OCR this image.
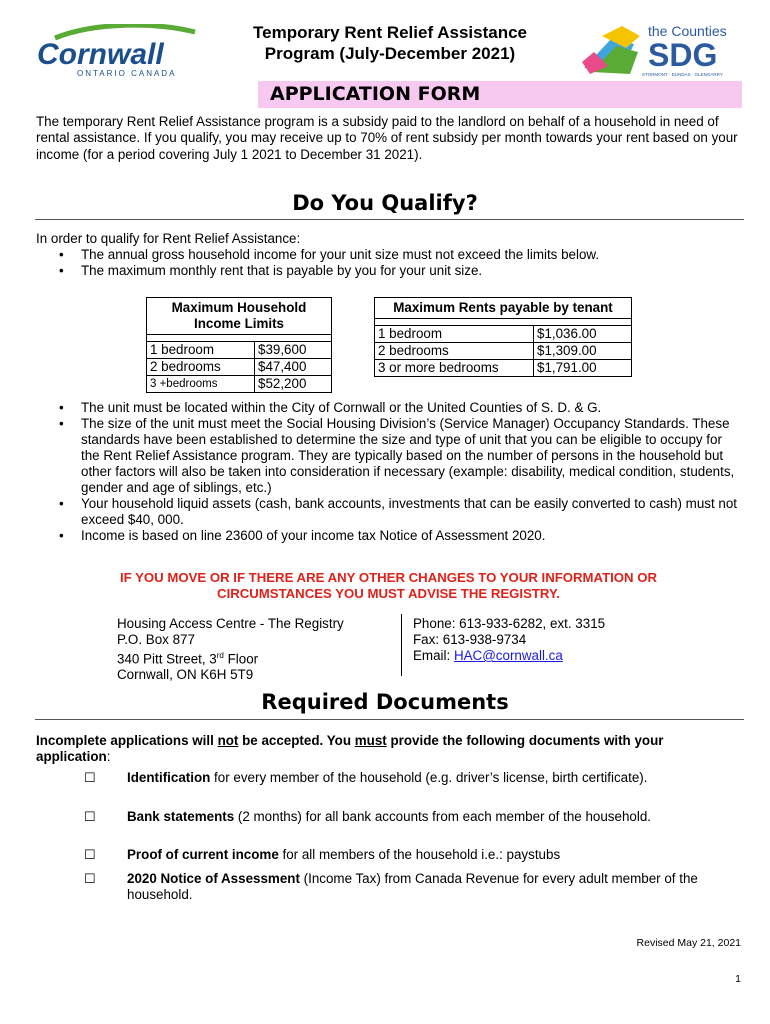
Cornwall
ONTARIO CANADA
Temporary Rent Relief Assistance
Program (July-December 2021)
the Counties
SDG
STORMONT · DUNDAS · GLENGARRY
APPLICATION FORM
The temporary Rent Relief Assistance program is a subsidy paid to the landlord on behalf of a household in need of rental assistance. If you qualify, you may receive up to 70% of rent subsidy per month towards your rent based on your income (for a period covering July 1 2021 to December 31 2021).
Do You Qualify?
In order to qualify for Rent Relief Assistance:
• The annual gross household income for your unit size must not exceed the limits below.
• The maximum monthly rent that is payable by you for your unit size.
Maximum Household Income Limits	

1 bedroom	$39,600
2 bedrooms	$47,400
3 +bedrooms	$52,200
Maximum Rents payable by tenant	

1 bedroom	$1,036.00
2 bedrooms	$1,309.00
3 or more bedrooms	$1,791.00
• The unit must be located within the City of Cornwall or the United Counties of S. D. & G.
• The size of the unit must meet the Social Housing Division’s (Service Manager) Occupancy Standards. These standards have been established to determine the size and type of unit that you can be eligible to occupy for the Rent Relief Assistance program. They are typically based on the number of persons in the household but other factors will also be taken into consideration if necessary (example: disability, medical condition, students, gender and age of siblings, etc.)
• Your household liquid assets (cash, bank accounts, investments that can be easily converted to cash) must not exceed $40, 000.
• Income is based on line 23600 of your income tax Notice of Assessment 2020.
IF YOU MOVE OR IF THERE ARE ANY OTHER CHANGES TO YOUR INFORMATION OR
CIRCUMSTANCES YOU MUST ADVISE THE REGISTRY.
Housing Access Centre - The Registry
P.O. Box 877
340 Pitt Street, 3rd Floor
Cornwall, ON K6H 5T9
Phone: 613-933-6282, ext. 3315
Fax: 613-938-9734
Email: HAC@cornwall.ca
Required Documents
Incomplete applications will not be accepted. You must provide the following documents with your application:
☐ Identification for every member of the household (e.g. driver’s license, birth certificate).
☐ Bank statements (2 months) for all bank accounts from each member of the household.
☐ Proof of current income for all members of the household i.e.: paystubs
☐ 2020 Notice of Assessment (Income Tax) from Canada Revenue for every adult member of the household.
Revised May 21, 2021
1
